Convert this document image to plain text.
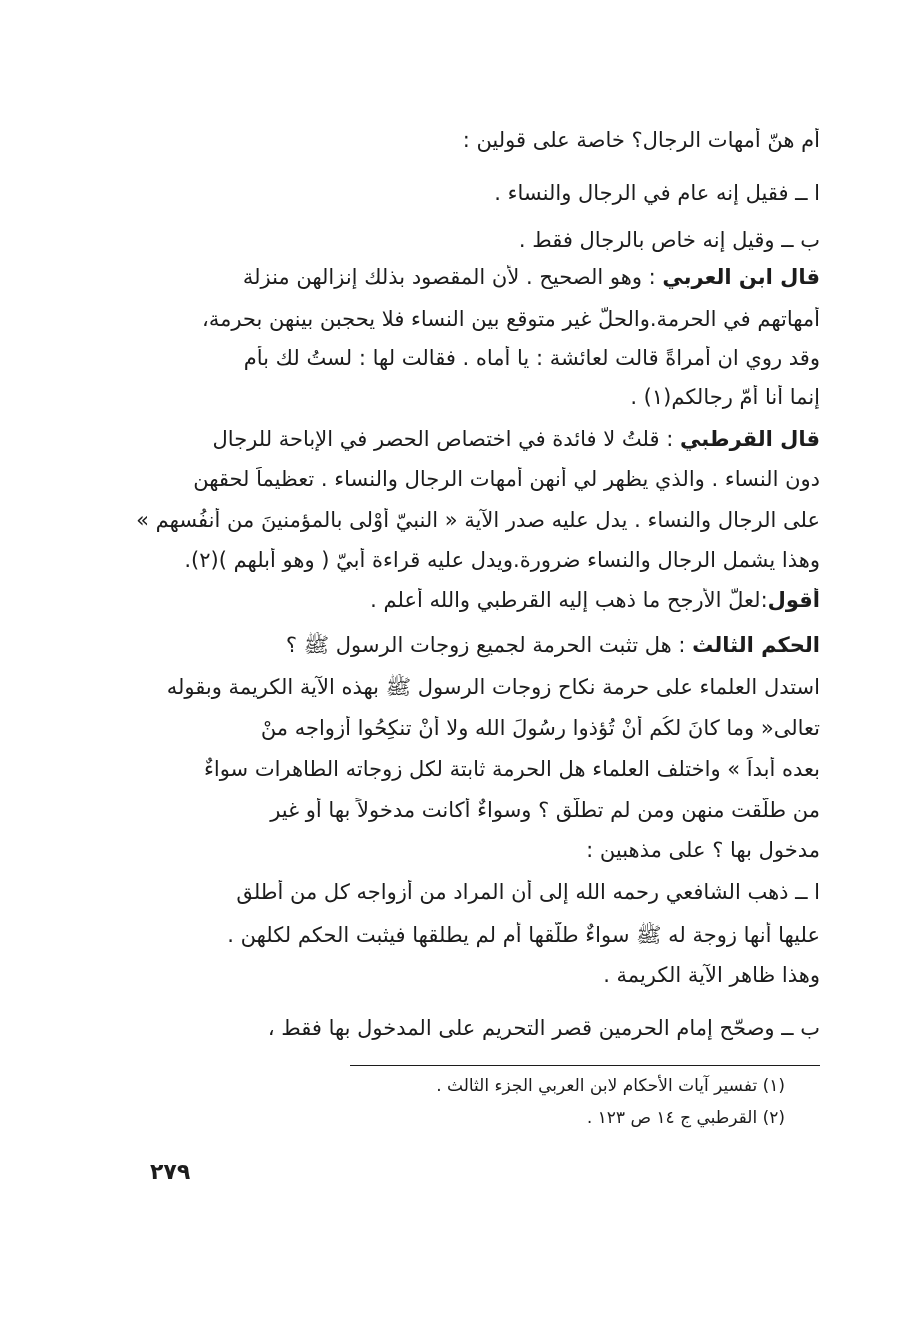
أم هنّ أمهات الرجال؟ خاصة على قولين :
ا ــ فقيل إنه عام في الرجال والنساء .
ب ــ وقيل إنه خاص بالرجال فقط .
قال ابن العربي : وهو الصحيح . لأن المقصود بذلك إنزالهن منزلة
أمهاتهم في الحرمة.والحلُّ غير متوقع بين النساء فلا يحجبن بينهن بحرمة،
وقد روي ان أمراةً قالت لعائشة : يا أماه . فقالت لها : لستُ لك بأم
إنما أنا أمّ رجالكم(١) .
قال القرطبي : قلتُ لا فائدة في اختصاص الحصر في الإباحة للرجال
دون النساء . والذي يظهر لي أنهن أمهات الرجال والنساء . تعظيماً لحقهن
على الرجال والنساء . يدل عليه صدر الآية « النبيّ أوْلى بالمؤمنينَ من أنفُسهم »
وهذا يشمل الرجال والنساء ضرورة.ويدل عليه قراءة أبيّ ( وهو أبلهم )(٢).
أقول:لعلّ الأرجح ما ذهب إليه القرطبي والله أعلم .
الحكم الثالث : هل تثبت الحرمة لجميع زوجات الرسول ﷺ ؟
استدل العلماء على حرمة نكاح زوجات الرسول ﷺ بهذه الآية الكريمة وبقوله
تعالى« وما كانَ لكُم أنْ تُؤذوا رسُولَ الله ولا أنْ تنكِحُوا أزواجه منْ
بعده أبداً » واختلف العلماء هل الحرمة ثابتة لكل زوجاته الطاهرات سواءٌ
من طلّقت منهن ومن لم تطلّق ؟ وسواءٌ أكانت مدخولاً بها أو غير
مدخول بها ؟ على مذهبين :
ا ــ ذهب الشافعي رحمه الله إلى أن المراد من أزواجه كل من أطلق
عليها أنها زوجة له ﷺ سواءٌ طلّقها أم لم يطلقها فيثبت الحكم لكلهن .
وهذا ظاهر الآية الكريمة .
ب ــ وصحّح إمام الحرمين قصر التحريم على المدخول بها فقط ،
(١) تفسير آيات الأحكام لابن العربي الجزء الثالث .
(٢) القرطبي ج ١٤ ص ١٢٣ .
٢٧٩
